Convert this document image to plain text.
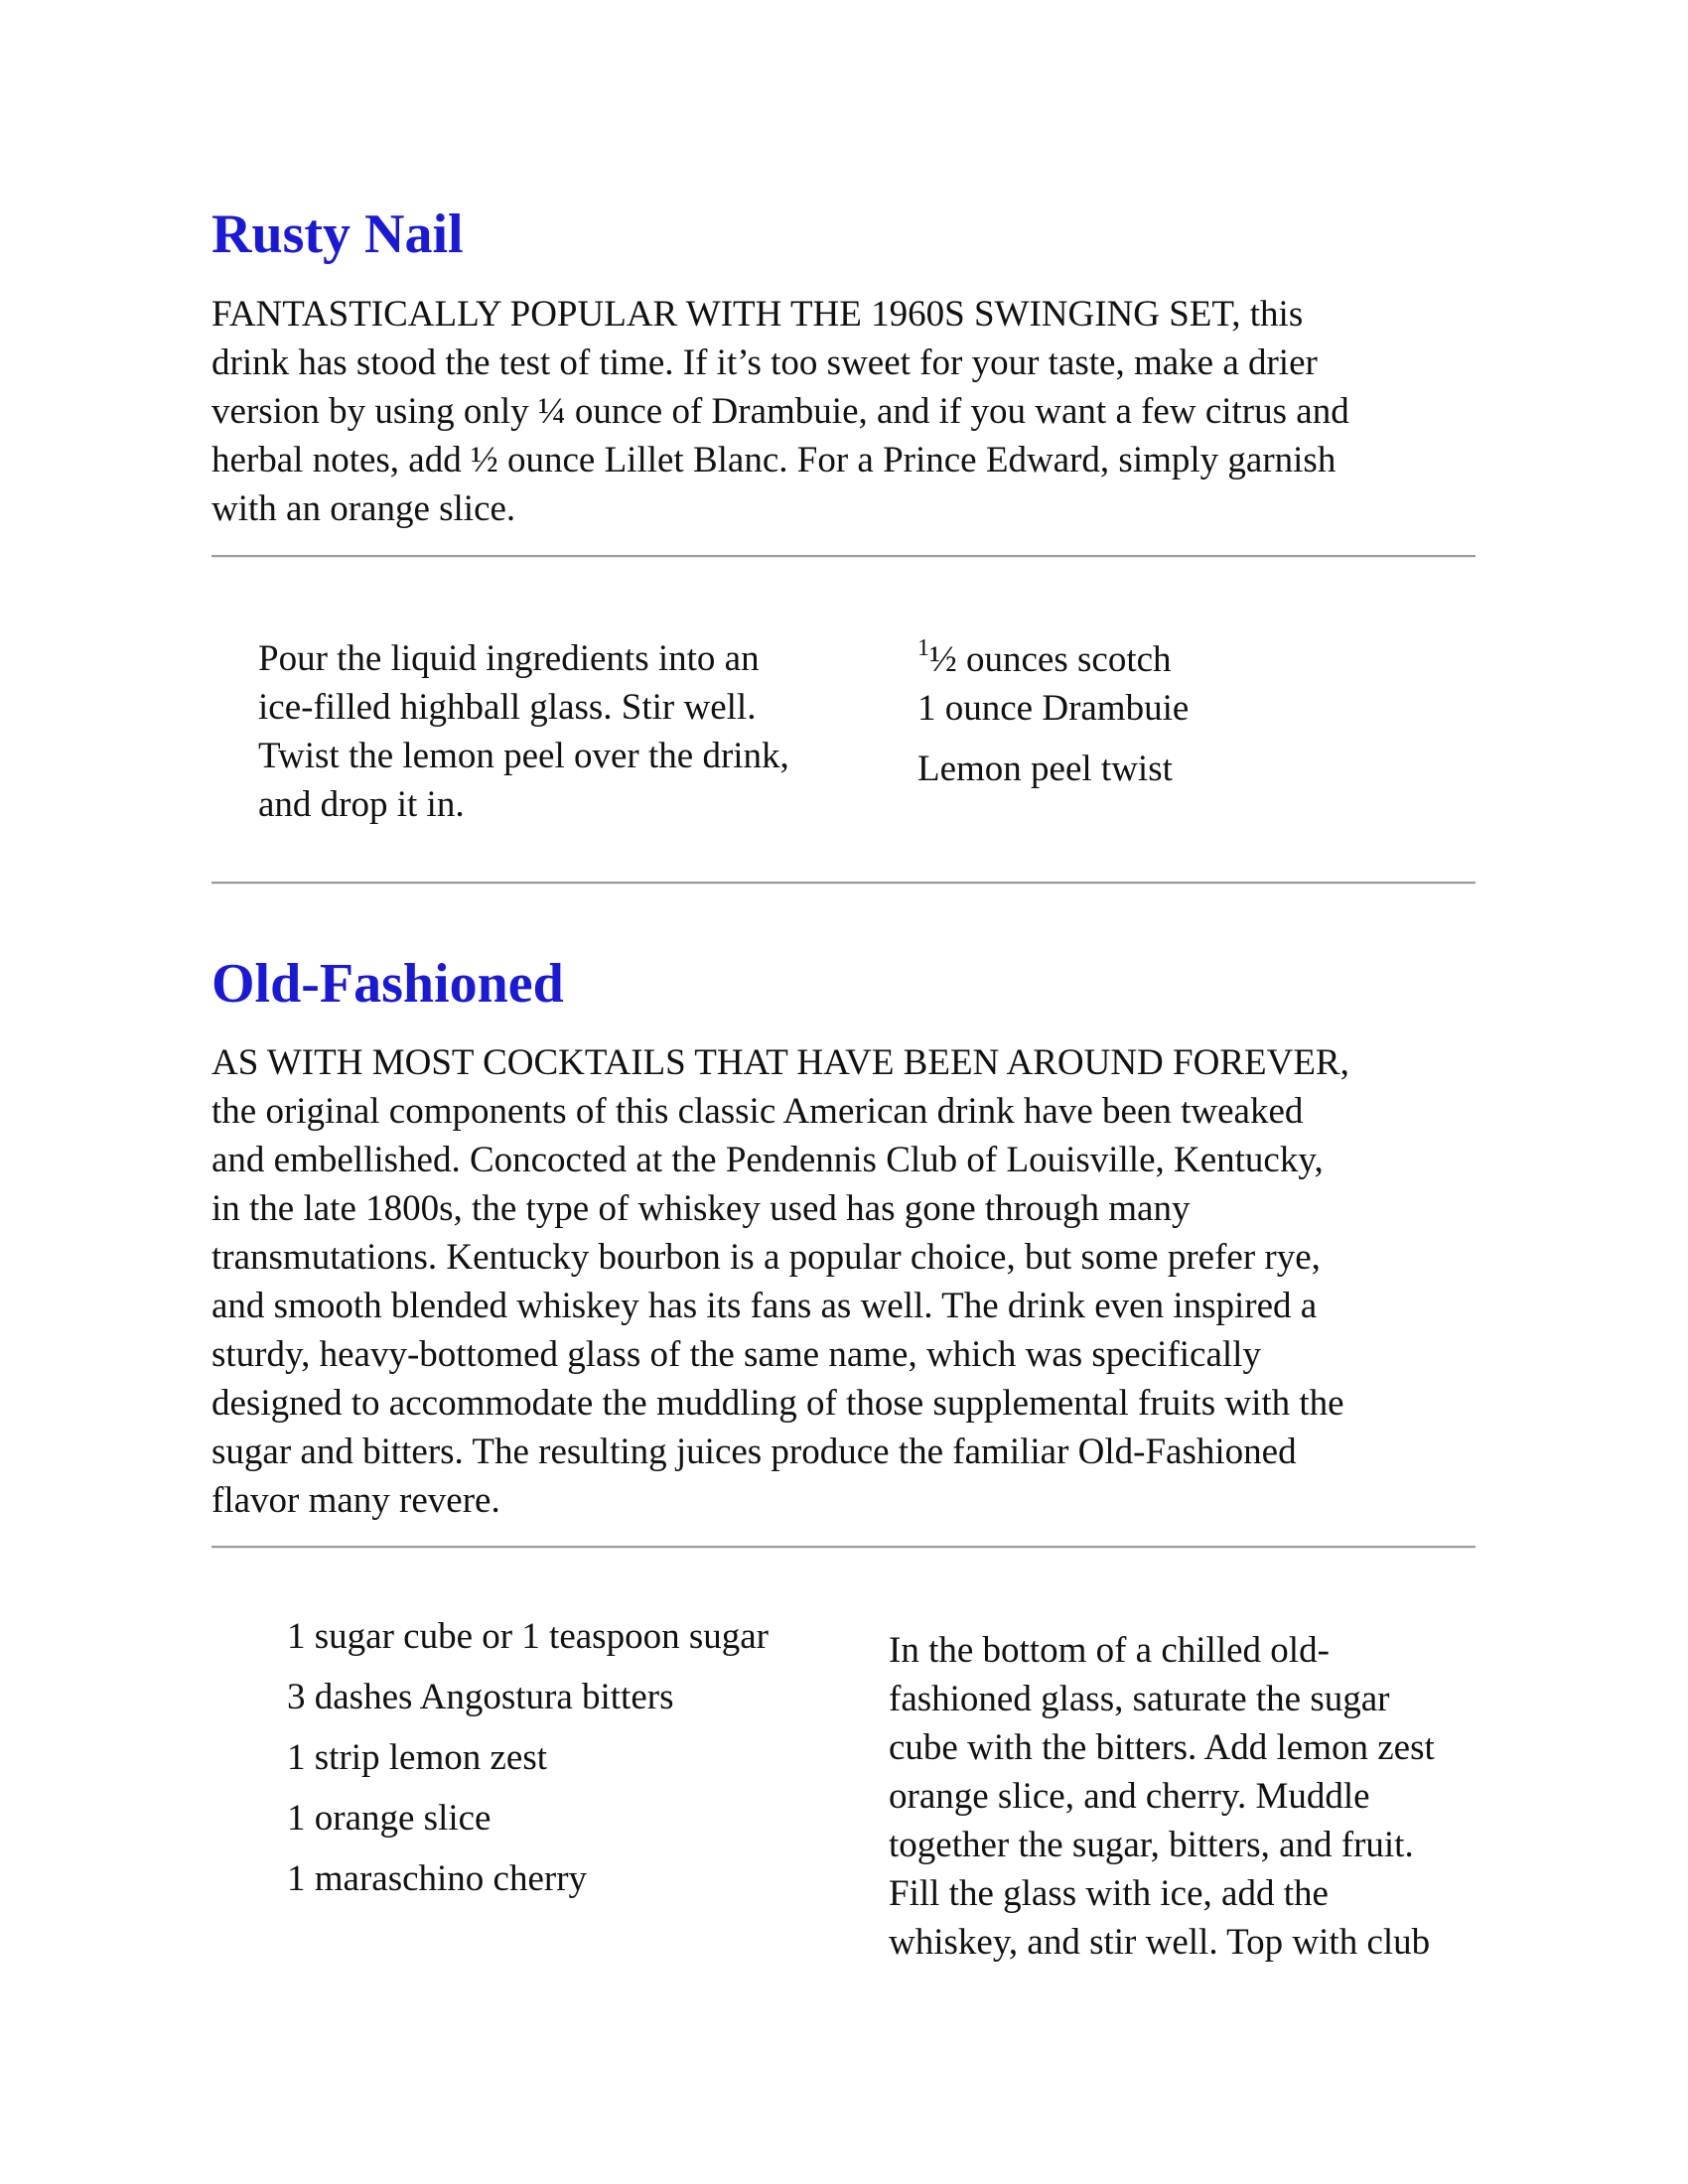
Rusty Nail

FANTASTICALLY POPULAR WITH THE 1960S SWINGING SET, this
drink has stood the test of time. If it’s too sweet for your taste, make a drier
version by using only ¼ ounce of Drambuie, and if you want a few citrus and
herbal notes, add ½ ounce Lillet Blanc. For a Prince Edward, simply garnish
with an orange slice.

Pour the liquid ingredients into an
ice-filled highball glass. Stir well.
Twist the lemon peel over the drink,
and drop it in.

$^1$½ ounces scotch
1 ounce Drambuie
Lemon peel twist
Old-Fashioned

AS WITH MOST COCKTAILS THAT HAVE BEEN AROUND FOREVER,
the original components of this classic American drink have been tweaked
and embellished. Concocted at the Pendennis Club of Louisville, Kentucky,
in the late 1800s, the type of whiskey used has gone through many
transmutations. Kentucky bourbon is a popular choice, but some prefer rye,
and smooth blended whiskey has its fans as well. The drink even inspired a
sturdy, heavy-bottomed glass of the same name, which was specifically
designed to accommodate the muddling of those supplemental fruits with the
sugar and bitters. The resulting juices produce the familiar Old-Fashioned
flavor many revere.

1 sugar cube or 1 teaspoon sugar
3 dashes Angostura bitters
1 strip lemon zest
1 orange slice
1 maraschino cherry

In the bottom of a chilled old-
fashioned glass, saturate the sugar
cube with the bitters. Add lemon zest
orange slice, and cherry. Muddle
together the sugar, bitters, and fruit.
Fill the glass with ice, add the
whiskey, and stir well. Top with club
